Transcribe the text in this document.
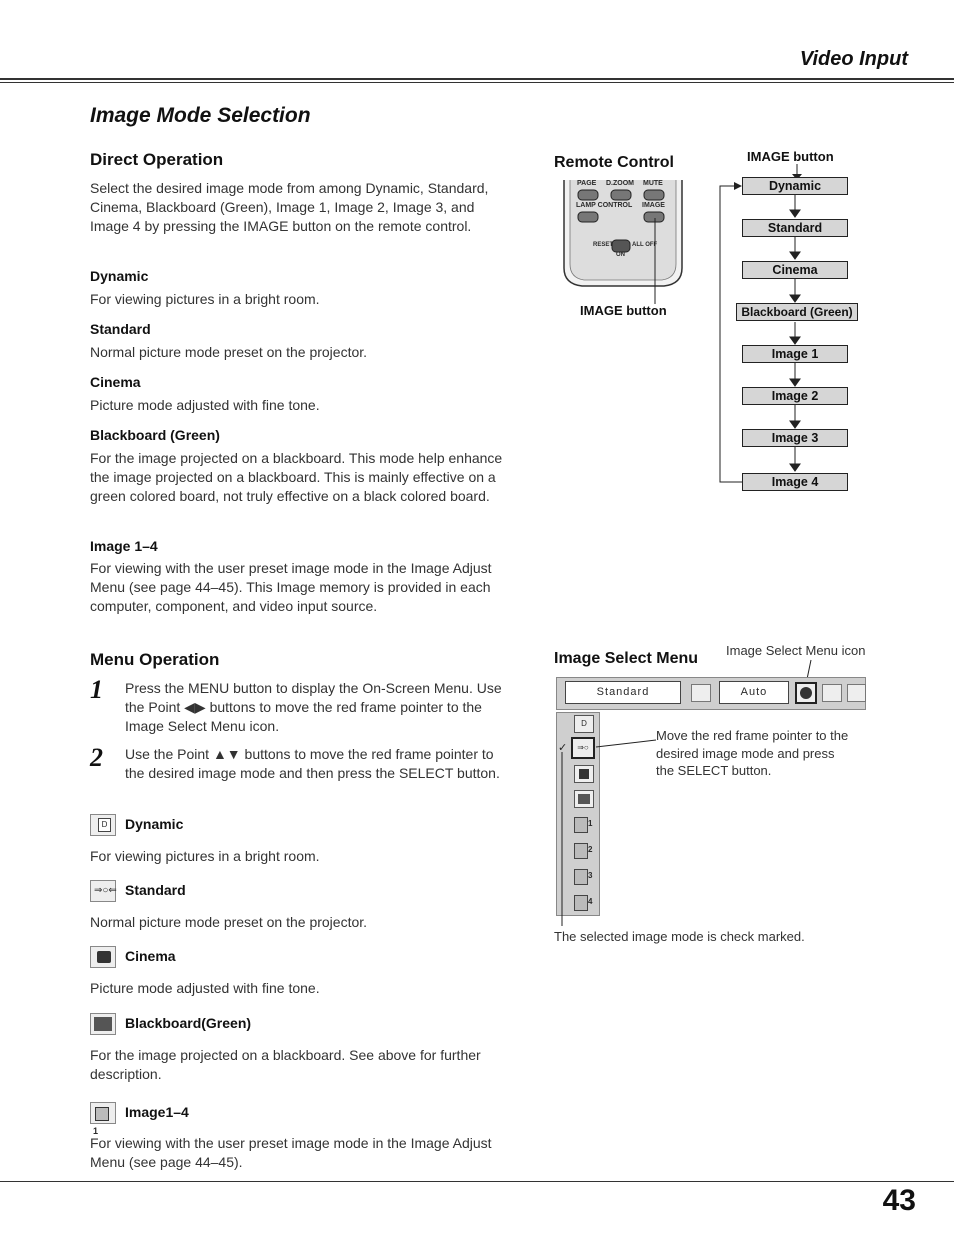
Video Input
Image Mode Selection
Direct Operation
Select the desired image mode from among Dynamic, Standard, Cinema, Blackboard (Green), Image 1, Image 2, Image 3, and Image 4 by pressing the IMAGE button on the remote control.
Dynamic
For viewing pictures in a bright room.
Standard
Normal picture mode preset on the projector.
Cinema
Picture mode adjusted with fine tone.
Blackboard (Green)
For the image projected on a blackboard. This mode help enhance the image projected on a blackboard. This is mainly effective on a green colored board, not truly effective on a black colored board.
Image 1–4
For viewing with the user preset image mode in the Image Adjust Menu (see page 44–45). This Image memory is provided in each computer, component, and video input source.
Remote Control
PAGE D.ZOOM MUTE
LAMP CONTROL IMAGE
RESET	ALL OFF
ON
IMAGE button
IMAGE button
Dynamic
Standard
Cinema
Blackboard (Green)
Image 1
Image 2
Image 3
Image 4
Menu Operation
1 Press the MENU button to display the On-Screen Menu. Use the Point ◀▶ buttons to move the red frame pointer to the Image Select Menu icon.
2 Use the Point ▲▼ buttons to move the red frame pointer to the desired image mode and then press the SELECT button.
D Dynamic
For viewing pictures in a bright room.
⇒○⇐ Standard
Normal picture mode preset on the projector.
Cinema
Picture mode adjusted with fine tone.
Blackboard(Green)
For the image projected on a blackboard. See above for further description.
$^1$
Image1–4
For viewing with the user preset image mode in the Image Adjust Menu (see page 44–45).
Image Select Menu Image Select Menu icon
Standard	Auto
D
⇒○
✓
1
2
3
4
Move the red frame pointer to the desired image mode and press the SELECT button.
The selected image mode is check marked.
43
